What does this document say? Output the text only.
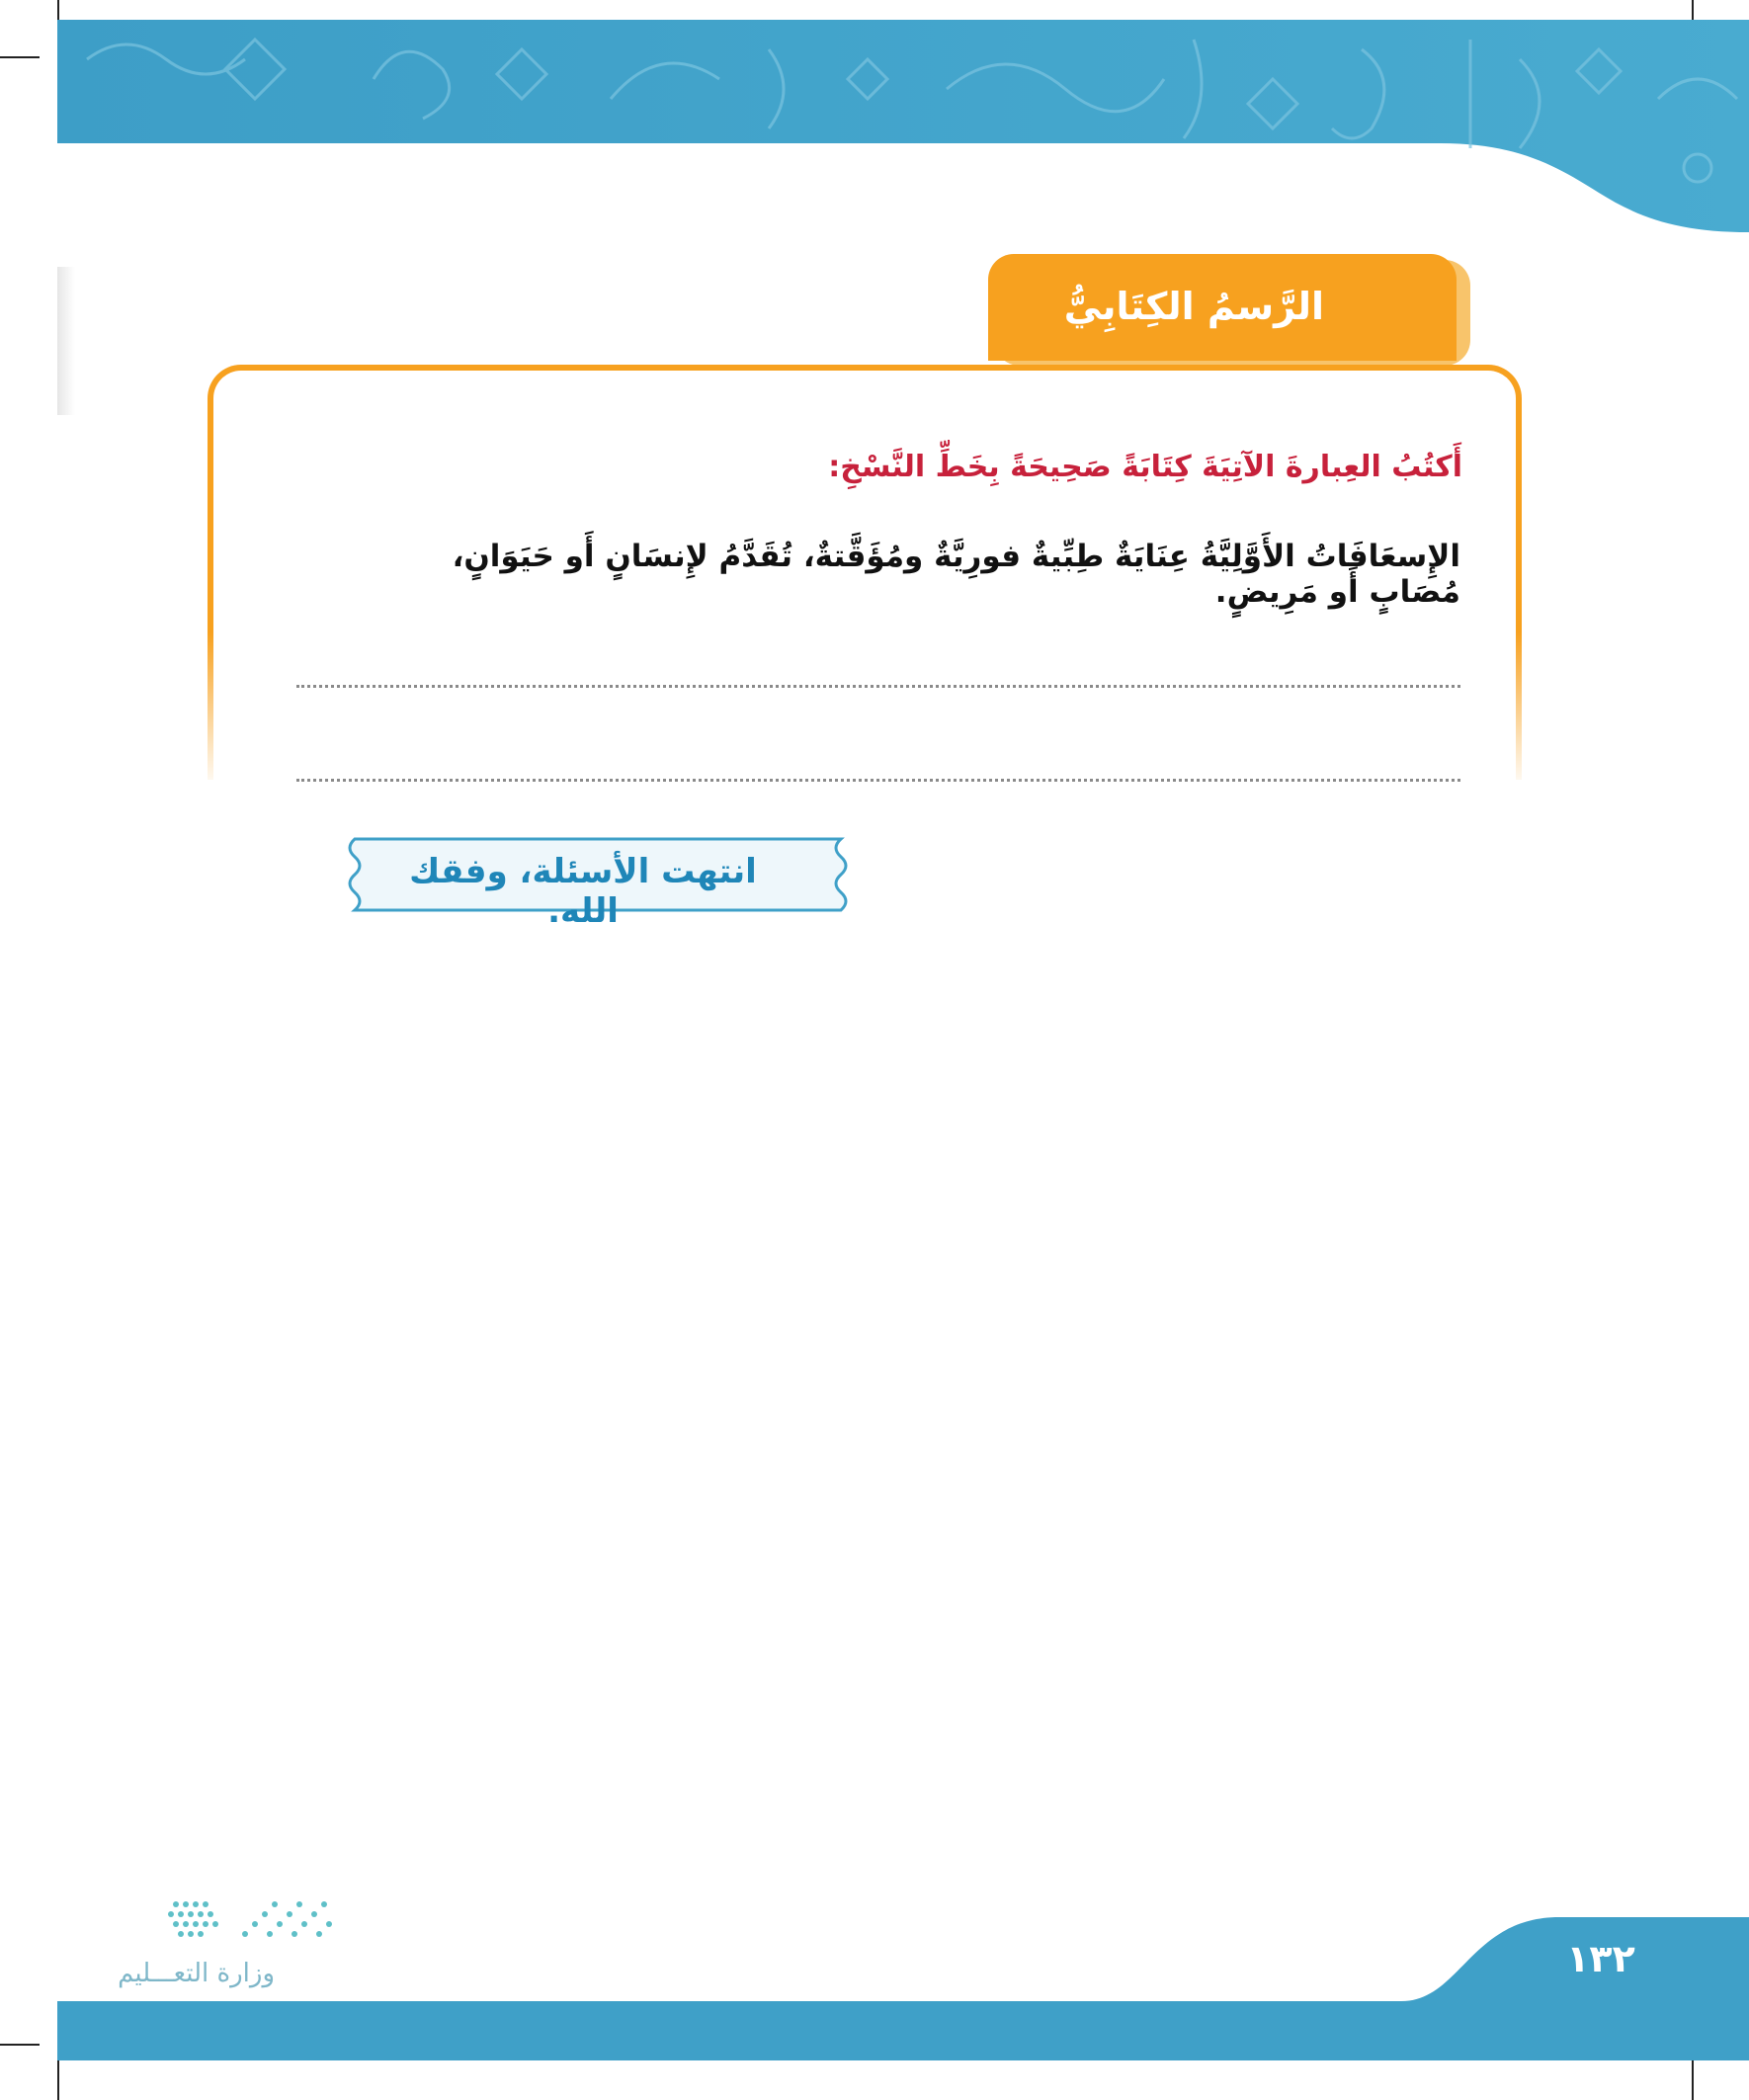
الرَّسمُ الكِتَابِيُّ
أَكتُبُ العِبارةَ الآتِيَةَ كِتَابَةً صَحِيحَةً بِخَطِّ النَّسْخِ:
الإِسعَافَاتُ الأَوَّلِيَّةُ عِنَايَةٌ طِبِّيةٌ فورِيَّةٌ ومُؤَقَّتةٌ، تُقَدَّمُ لإِنسَانٍ أَو حَيَوَانٍ، مُصَابٍ أَو مَرِيضٍ.
انتهت الأسئلة، وفقك الله.
١٣٢
وزارة التعـــليم
